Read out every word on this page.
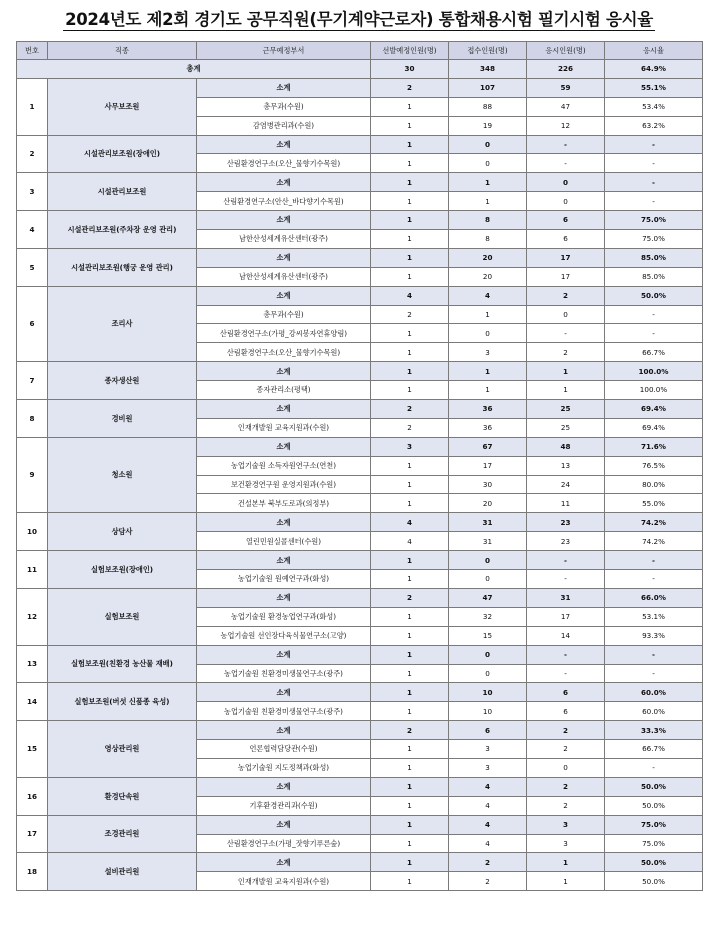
2024년도 제2회 경기도 공무직원(무기계약근로자) 통합채용시험 필기시험 응시율
번호	직종	근무예정부서	선발예정인원(명)	접수인원(명)	응시인원(명)	응시율
총계			30	348	226	64.9%
1	사무보조원	소계	2	107	59	55.1%
		총무과(수원)	1	88	47	53.4%
		감염병관리과(수원)	1	19	12	63.2%
2	시설관리보조원(장애인)	소계	1	0	-	-
		산림환경연구소(오산_물향기수목원)	1	0	-	-
3	시설관리보조원	소계	1	1	0	-
		산림환경연구소(안산_바다향기수목원)	1	1	0	-
4	시설관리보조원(주차장 운영 관리)	소계	1	8	6	75.0%
		남한산성세계유산센터(광주)	1	8	6	75.0%
5	시설관리보조원(행궁 운영 관리)	소계	1	20	17	85.0%
		남한산성세계유산센터(광주)	1	20	17	85.0%
6	조리사	소계	4	4	2	50.0%
		총무과(수원)	2	1	0	-
		산림환경연구소(가평_강씨봉자연휴양림)	1	0	-	-
		산림환경연구소(오산_물향기수목원)	1	3	2	66.7%
7	종자생산원	소계	1	1	1	100.0%
		종자관리소(평택)	1	1	1	100.0%
8	경비원	소계	2	36	25	69.4%
		인재개발원 교육지원과(수원)	2	36	25	69.4%
9	청소원	소계	3	67	48	71.6%
		농업기술원 소득자원연구소(연천)	1	17	13	76.5%
		보건환경연구원 운영지원과(수원)	1	30	24	80.0%
		건설본부 북부도로과(의정부)	1	20	11	55.0%
10	상담사	소계	4	31	23	74.2%
		열린민원실콜센터(수원)	4	31	23	74.2%
11	실험보조원(장애인)	소계	1	0	-	-
		농업기술원 원예연구과(화성)	1	0	-	-
12	실험보조원	소계	2	47	31	66.0%
		농업기술원 환경농업연구과(화성)	1	32	17	53.1%
		농업기술원 선인장다육식물연구소(고양)	1	15	14	93.3%
13	실험보조원(친환경 농산물 재배)	소계	1	0	-	-
		농업기술원 친환경미생물연구소(광주)	1	0	-	-
14	실험보조원(버섯 신품종 육성)	소계	1	10	6	60.0%
		농업기술원 친환경미생물연구소(광주)	1	10	6	60.0%
15	영상관리원	소계	2	6	2	33.3%
		언론협력담당관(수원)	1	3	2	66.7%
		농업기술원 지도정책과(화성)	1	3	0	-
16	환경단속원	소계	1	4	2	50.0%
		기후환경관리과(수원)	1	4	2	50.0%
17	조경관리원	소계	1	4	3	75.0%
		산림환경연구소(가평_잣향기푸른숲)	1	4	3	75.0%
18	설비관리원	소계	1	2	1	50.0%
		인재개발원 교육지원과(수원)	1	2	1	50.0%
